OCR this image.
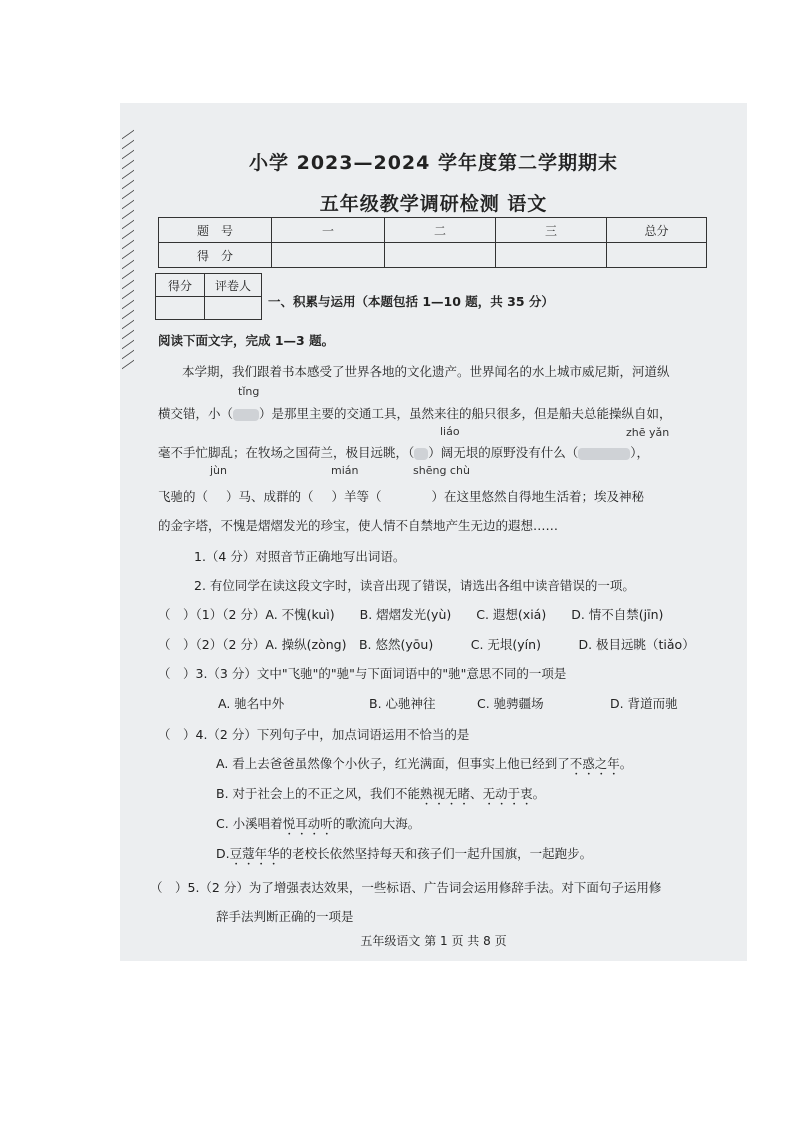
小学 2023—2024 学年度第二学期期末
五年级教学调研检测 语文
题　号	一	二	三	总分
得　分				
得分	评卷人

一、积累与运用（本题包括 1—10 题，共 35 分）
阅读下面文字，完成 1—3 题。
本学期，我们跟着书本感受了世界各地的文化遗产。世界闻名的水上城市威尼斯，河道纵
tǐng
横交错，小（ ）是那里主要的交通工具，虽然来往的船只很多，但是船夫总能操纵自如，
liáo	zhē yǎn
毫不手忙脚乱；在牧场之国荷兰，极目远眺，（ ）阔无垠的原野没有什么（	），
jùn	mián	shēng chù
飞驰的（ ）马、成群的（ ）羊等（	）在这里悠然自得地生活着；埃及神秘
的金字塔，不愧是熠熠发光的珍宝，使人情不自禁地产生无边的遐想……
1.（4 分）对照音节正确地写出词语。
2. 有位同学在读这段文字时，读音出现了错误，请选出各组中读音错误的一项。
（　）（1）（2 分）A. 不愧(kuì)　　B. 熠熠发光(yù)　　C. 遐想(xiá)　　D. 情不自禁(jīn)
（　）（2）（2 分）A. 操纵(zòng)　B. 悠然(yōu)　　　C. 无垠(yín)　　　D. 极目远眺（tiǎo）
（　）3.（3 分）文中"飞驰"的"驰"与下面词语中的"驰"意思不同的一项是
A. 驰名中外	B. 心驰神往	C. 驰骋疆场	D. 背道而驰
（　）4.（2 分）下列句子中，加点词语运用不恰当的是
A. 看上去爸爸虽然像个小伙子，红光满面，但事实上他已经到了不惑之年。
B. 对于社会上的不正之风，我们不能熟视无睹、无动于衷。
C. 小溪唱着悦耳动听的歌流向大海。
D.豆蔻年华的老校长依然坚持每天和孩子们一起升国旗，一起跑步。
（　）5.（2 分）为了增强表达效果，一些标语、广告词会运用修辞手法。对下面句子运用修
辞手法判断正确的一项是
五年级语文 第 1 页 共 8 页
